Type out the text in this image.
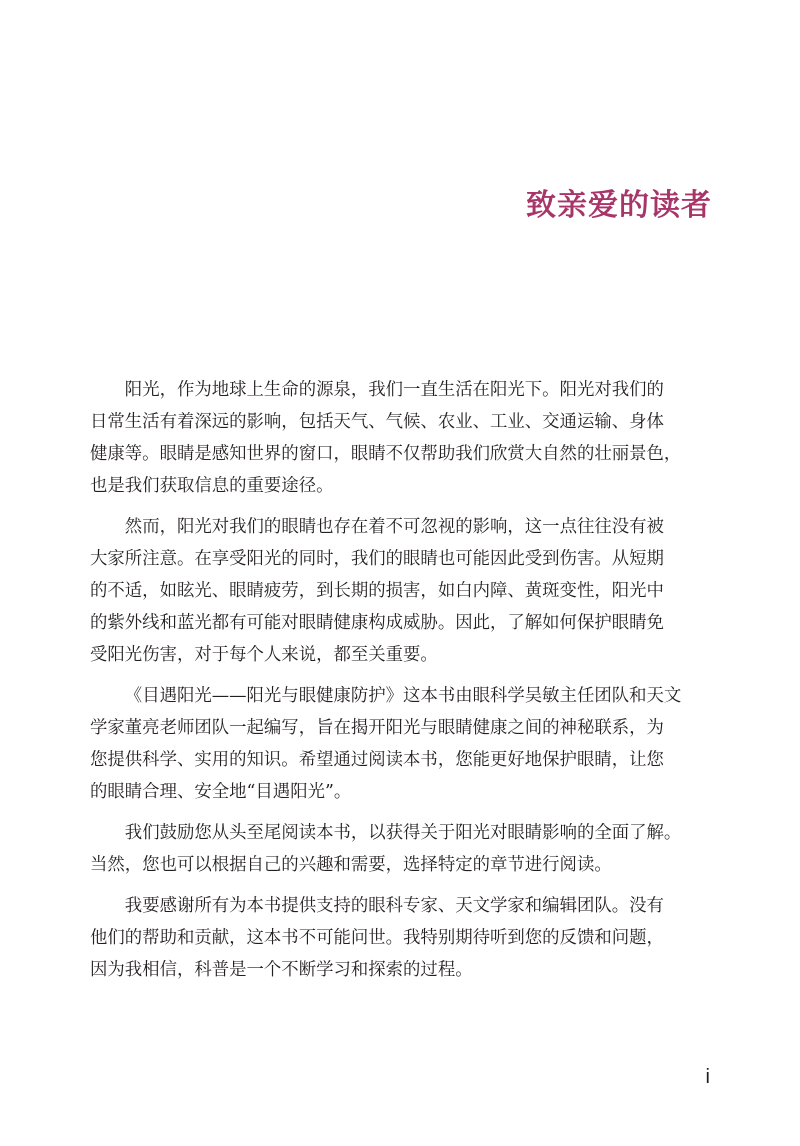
致亲爱的读者

阳光，作为地球上生命的源泉，我们一直生活在阳光下。阳光对我们的
日常生活有着深远的影响，包括天气、气候、农业、工业、交通运输、身体
健康等。眼睛是感知世界的窗口，眼睛不仅帮助我们欣赏大自然的壮丽景色，
也是我们获取信息的重要途径。

然而，阳光对我们的眼睛也存在着不可忽视的影响，这一点往往没有被
大家所注意。在享受阳光的同时，我们的眼睛也可能因此受到伤害。从短期
的不适，如眩光、眼睛疲劳，到长期的损害，如白内障、黄斑变性，阳光中
的紫外线和蓝光都有可能对眼睛健康构成威胁。因此，了解如何保护眼睛免
受阳光伤害，对于每个人来说，都至关重要。

《目遇阳光——阳光与眼健康防护》这本书由眼科学吴敏主任团队和天文
学家董亮老师团队一起编写，旨在揭开阳光与眼睛健康之间的神秘联系，为
您提供科学、实用的知识。希望通过阅读本书，您能更好地保护眼睛，让您
的眼睛合理、安全地“目遇阳光”。

我们鼓励您从头至尾阅读本书，以获得关于阳光对眼睛影响的全面了解。
当然，您也可以根据自己的兴趣和需要，选择特定的章节进行阅读。

我要感谢所有为本书提供支持的眼科专家、天文学家和编辑团队。没有
他们的帮助和贡献，这本书不可能问世。我特别期待听到您的反馈和问题，
因为我相信，科普是一个不断学习和探索的过程。

i
